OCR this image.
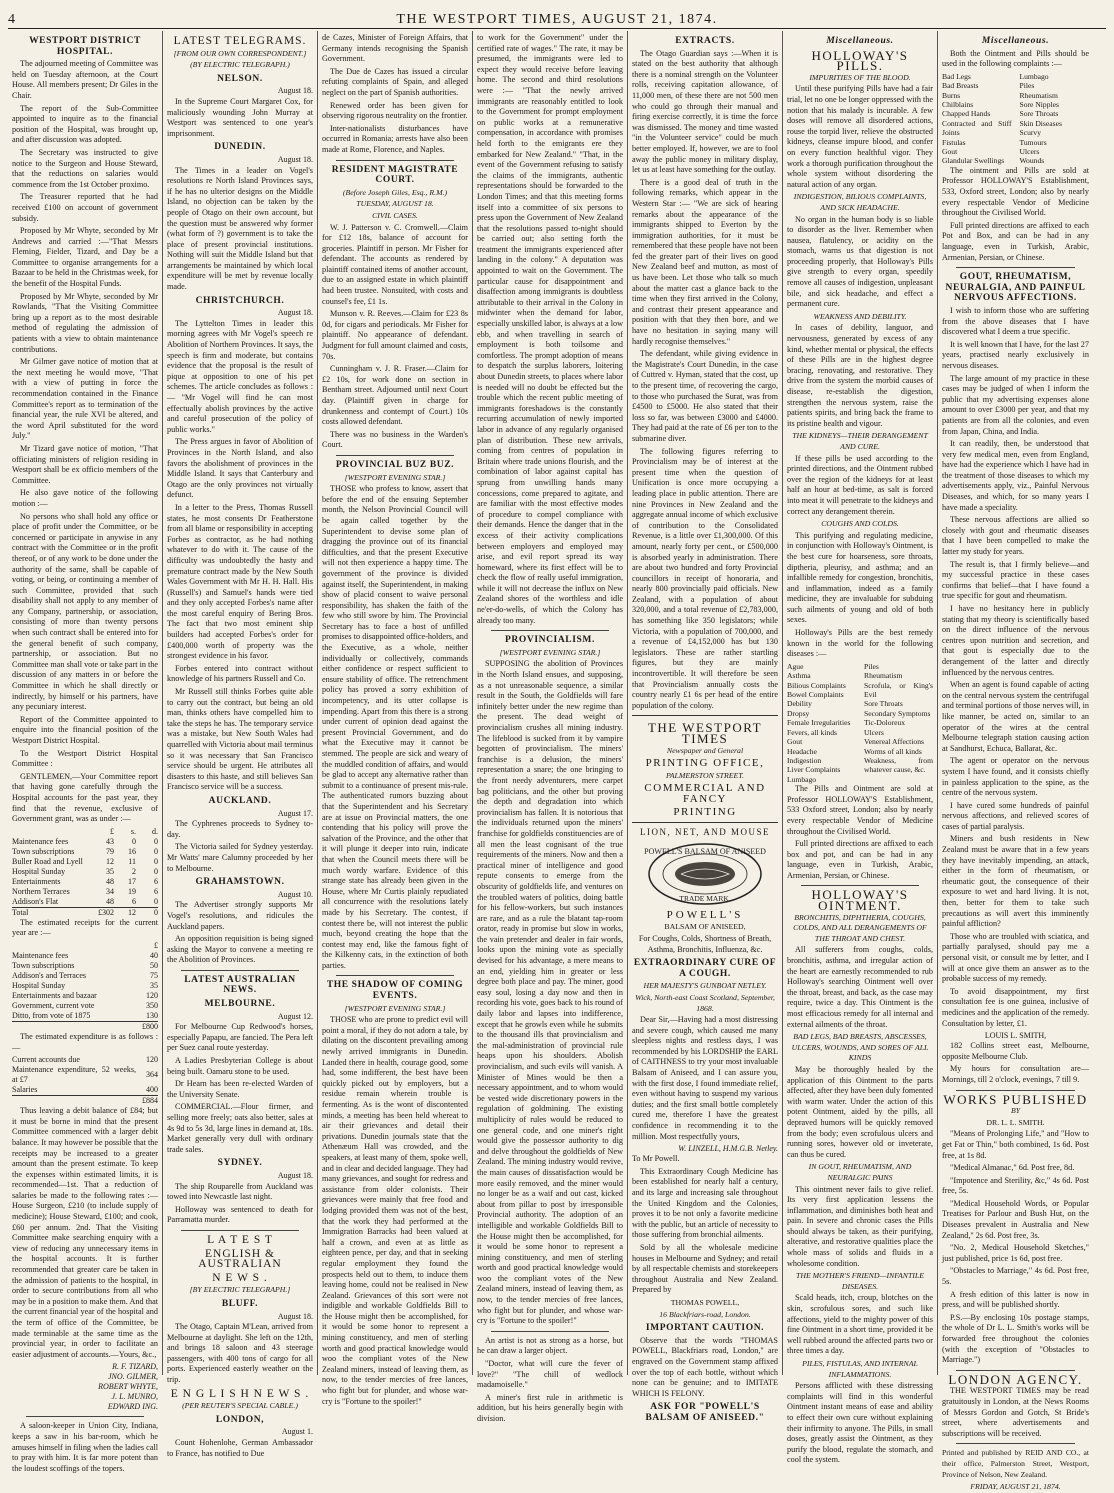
4	THE WESTPORT TIMES, AUGUST 21, 1874.
WESTPORT DISTRICT HOSPITAL.

The adjourned meeting of Committee was held on Tuesday afternoon, at the Court House. All members present; Dr Giles in the Chair.

The report of the Sub-Committee appointed to inquire as to the financial position of the Hospital, was brought up, and after discussion was adopted.

The Secretary was instructed to give notice to the Surgeon and House Steward, that the reductions on salaries would commence from the 1st October proximo.

The Treasurer reported that he had received £100 on account of government subsidy.

Proposed by Mr Whyte, seconded by Mr Andrews and carried :—"That Messrs Fleming, Fielder, Tizard, and Day be a Committee to organise arrangements for a Bazaar to be held in the Christmas week, for the benefit of the Hospital Funds.

Proposed by Mr Whyte, seconded by Mr Rowlands, "That the Visiting Committee bring up a report as to the most desirable method of regulating the admission of patients with a view to obtain maintenance contributions.

Mr Gilmer gave notice of motion that at the next meeting he would move, "That with a view of putting in force the recommendation contained in the Finance Committee's report as to termination of the financial year, the rule XVI be altered, and the word April substituted for the word July."

Mr Tizard gave notice of motion, "That officiating ministers of religion residing in Westport shall be ex officio members of the Committee.

He also gave notice of the following motion :—

No persons who shall hold any office or place of profit under the Committee, or be concerned or participate in anywise in any contract with the Committee or in the profit thereof, or of any work to be done under the authority of the same, shall be capable of voting, or being, or continuing a member of such Committee, provided that such disability shall not apply to any member of any Company, partnership, or association, consisting of more than twenty persons when such contract shall be entered into for the general benefit of such company, partnership, or association. But no Committee man shall vote or take part in the discussion of any matters in or before the Committee in which he shall directly or indirectly, by himself or his partners, have any pecuniary interest.

Report of the Committee appointed to enquire into the financial position of the Westport District Hospital.

To the Westport District Hospital Committee :

GENTLEMEN,—Your Committee report that having gone carefully through the Hospital accounts for the past year, they find that the revenue, exclusive of Government grant, was as under :—

	£	s.	d.
Maintenance fees	43	0	0
Town subscriptions	79	16	0
Buller Road and Lyell	12	11	0
Hospital Sunday	35	2	0
Entertainments	48	17	6
Northern Terraces	34	19	6
Addison's Flat	48	6	0
Total	£302	12	0

The estimated receipts for the current year are :—

	£
Maintenance fees	40
Town subscriptions	50
Addison's and Terraces	75
Hospital Sunday	35
Entertainments and bazaar	120
Government, current vote	350
Ditto, from vote of 1875	130
	£800

The estimated expenditure is as follows :—

Current accounts due	120
Maintenance expenditure, 52 weeks, at £7	364
Salaries	400
	£884

Thus leaving a debit balance of £84; but it must be borne in mind that the present Committee commenced with a larger debit balance. It may however be possible that the receipts may be increased to a greater amount than the present estimate. To keep the expenses within estimated limits, it is recommended—1st. That a reduction of salaries be made to the following rates :—House Surgeon, £210 (to include supply of medicine); House Steward, £100; and cook, £60 per annum. 2nd. That the Visiting Committee make searching enquiry with a view of reducing any unnecessary items in the hospital accounts. It is further recommended that greater care be taken in the admission of patients to the hospital, in order to secure contributions from all who may be in a position to make them. And that the current financial year of the hospital and the term of office of the Committee, be made terminable at the same time as the provincial year, in order to facilitate an easier adjustment of accounts.—Yours, &c.,

R. F. TIZARD,
JNO. GILMER,
ROBERT WHYTE,
J. L. MUNRO,
EDWARD ING.

A saloon-keeper in Union City, Indiana, keeps a saw in his bar-room, which he amuses himself in filing when the ladies call to pray with him. It is far more potent than the loudest scoffings of the topers.

LATEST TELEGRAMS.
[FROM OUR OWN CORRESPONDENT.]
(BY ELECTRIC TELEGRAPH.)
NELSON.
August 18.

In the Supreme Court Margaret Cox, for maliciously wounding John Murray at Westport was sentenced to one year's imprisonment.

DUNEDIN.
August 18.

The Times in a leader on Vogel's resolutions re North Island Provinces says, if he has no ulterior designs on the Middle Island, no objection can be taken by the people of Otago on their own account, but the question must be answered why former (what form of ?) government is to take the place of present provincial institutions. Nothing will suit the Middle Island but that arrangements be maintained by which local expenditure will be met by revenue locally made.

CHRISTCHURCH.
August 18.

The Lyttelton Times in leader this morning agrees with Mr Vogel's speech re Abolition of Northern Provinces. It says, the speech is firm and moderate, but contains evidence that the proposal is the result of pique at opposition to one of his pet schemes. The article concludes as follows :— "Mr Vogel will find he can most effectually abolish provinces by the active and careful prosecution of the policy of public works."

The Press argues in favor of Abolition of Provinces in the North Island, and also favors the abolishment of provinces in the Middle Island. It says that Canterbury and Otago are the only provinces not virtually defunct.

In a letter to the Press, Thomas Russell states, he most consents Dr Featherstone from all blame or responsibility in accepting Forbes as contractor, as he had nothing whatever to do with it. The cause of the difficulty was undoubtedly the hasty and premature contract made by the New South Wales Government with Mr H. H. Hall. His (Russell's) and Samuel's hands were tied and they only accepted Forbes's name after the most careful enquiry of Bering Bros. The fact that two most eminent ship builders had accepted Forbes's order for £400,000 worth of property was the strongest evidence in his favor.

Forbes entered into contract without knowledge of his partners Russell and Co.

Mr Russell still thinks Forbes quite able to carry out the contract, but being an old man, thinks others have compelled him to take the steps he has. The temporary service was a mistake, but New South Wales had quarrelled with Victoria about mail terminus so it was necessary that San Francisco service should be urgent. He attributes all disasters to this haste, and still believes San Francisco service will be a success.

AUCKLAND.
August 17.

The Cyphrenes proceeds to Sydney to-day.

The Victoria sailed for Sydney yesterday. Mr Watts' mare Calumny proceeded by her to Melbourne.

GRAHAMSTOWN.
August 10.

The Advertiser strongly supports Mr Vogel's resolutions, and ridicules the Auckland papers.

An opposition requisition is being signed asking the Mayor to convene a meeting re the Abolition of Provinces.

LATEST AUSTRALIAN NEWS.
MELBOURNE.
August 12.

For Melbourne Cup Redwood's horses, especially Papapu, are fancied. The Pera left per Suez canal route yesterday.

A Ladies Presbyterian College is about being built. Oamaru stone to be used.

Dr Hearn has been re-elected Warden of the University Senate.

COMMERCIAL.—Flour firmer, and selling more freely; oats also better, sales at 4s 9d to 5s 3d, large lines in demand at, 18s. Market generally very dull with ordinary trade sales.

SYDNEY.
August 18.

The ship Rouparelle from Auckland was towed into Newcastle last night.

Holloway was sentenced to death for Parramatta murder.

L A T E S T
ENGLISH & AUSTRALIAN
N E W S .
[BY ELECTRIC TELEGRAPH.]
BLUFF.
August 18.

The Otago, Captain M'Lean, arrived from Melbourne at daylight. She left on the 12th, and brings 18 saloon and 43 steerage passengers, with 400 tons of cargo for all ports. Experienced easterly weather on the trip.

E N G L I S H N E W S .
(PER REUTER'S SPECIAL CABLE.)
LONDON,
August 1.

Count Hohenlohe, German Ambassador to France, has notified to Due

de Cazes, Minister of Foreign Affairs, that Germany intends recognising the Spanish Government.

The Due de Cazes has issued a circular refuting complaints of Spain, and alleged neglect on the part of Spanish authorities.

Renewed order has been given for observing rigorous neutrality on the frontier.

Inter-nationalists disturbances have occurred in Romania; arrests have also been made at Rome, Florence, and Naples.

RESIDENT MAGISTRATE COURT.
(Before Joseph Giles, Esq., R.M.)
TUESDAY, AUGUST 18.
CIVIL CASES.

W. J. Patterson v. C. Cromwell.—Claim for £12 18s, balance of account for groceries. Plaintiff in person. Mr Fisher for defendant. The accounts as rendered by plaintiff contained items of another account, due to an assigned estate in which plaintiff had been trustee. Nonsuited, with costs and counsel's fee, £1 1s.

Munson v. R. Reeves.—Claim for £23 8s 0d, for cigars and periodicals. Mr Fisher for plaintiff. No appearance of defendant. Judgment for full amount claimed and costs, 70s.

Cunningham v. J. R. Fraser.—Claim for £2 10s, for work done on section in Bentham street. Adjourned until next Court day. (Plaintiff given in charge for drunkenness and contempt of Court.) 10s costs allowed defendant.

There was no business in the Warden's Court.

PROVINCIAL BUZ BUZ.
[WESTPORT EVENING STAR.]

THOSE who profess to know, assert that before the end of the ensuing September month, the Nelson Provincial Council will be again called together by the Superintendent to devise some plan of dragging the province out of its financial difficulties, and that the present Executive will not then experience a happy time. The government of the province is divided against itself, the Superintendent, in making show of placid consent to waive personal responsibility, has shaken the faith of the few who still swore by him. The Provincial Secretary has to face a host of unfilled promises to disappointed office-holders, and the Executive, as a whole, neither individually or collectively, commands either confidence or respect sufficient to ensure stability of office. The retrenchment policy has proved a sorry exhibition of incompetency, and its utter collapse is impending. Apart from this there is a strong under current of opinion dead against the present Provincial Government, and do what the Executive may it cannot be stemmed. The people are sick and weary of the muddled condition of affairs, and would be glad to accept any alternative rather than submit to a continuance of present mis-rule. The authenticated rumors buzzing about that the Superintendent and his Secretary are at issue on Provincial matters, the one contending that his policy will prove the salvation of the Province, and the other that it will plunge it deeper into ruin, indicate that when the Council meets there will be much wordy warfare. Evidence of this strange state has already been given in the House, where Mr Curtis plainly repudiated all concurrence with the resolutions lately made by his Secretary. The contest, if contest there be, will not interest the public much, beyond creating the hope that the contest may end, like the famous fight of the Kilkenny cats, in the extinction of both parties.

THE SHADOW OF COMING EVENTS.
[WESTPORT EVENING STAR.]

THOSE who are prone to predict evil will point a moral, if they do not adorn a tale, by dilating on the discontent prevailing among newly arrived immigrants in Dunedin. Landed there in health, courage good, some had, some indifferent, the best have been quickly picked out by employers, but a residue remain wherein trouble is fermenting. As is the wont of discontented minds, a meeting has been held whereat to air their grievances and detail their privations. Dunedin journals state that the Athenæum Hall was crowded, and the speakers, at least many of them, spoke well, and in clear and decided language. They had many grievances, and sought for redress and assistance from older colonists. Their grievances were mainly that free food and lodging provided them was not of the best, that the work they had performed at the Immigration Barracks had been valued at half a crown, and even at as little as eighteen pence, per day, and that in seeking regular employment they found the prospects held out to them, to induce them leaving home, could not be realised in New Zealand. Grievances of this sort were not indigible and workable Goldfields Bill to the House might then be accomplished, for it would be some honor to represent a mining constituency, and men of sterling worth and good practical knowledge would woo the compliant votes of the New Zealand miners, instead of leaving them, as now, to the tender mercies of free lances, who fight but for plunder, and whose war-cry is "Fortune to the spoiler!"

to work for the Government" under the certified rate of wages." The rate, it may be presumed, the immigrants were led to expect they would receive before leaving home. The second and third resolutions were :— "That the newly arrived immigrants are reasonably entitled to look to the Government for prompt employment on public works at a remunerative compensation, in accordance with promises held forth to the emigrants ere they embarked for New Zealand." "That, in the event of the Government refusing to satisfy the claims of the immigrants, authentic representations should be forwarded to the London Times; and that this meeting forms itself into a committee of six persons to press upon the Government of New Zealand that the resolutions passed to-night should be carried out; also setting forth the treatment the immigrants experienced after landing in the colony." A deputation was appointed to wait on the Government. The particular cause for disappointment and disaffection among immigrants is doubtless attributable to their arrival in the Colony in midwinter when the demand for labor, especially unskilled labor, is always at a low ebb, and when travelling in search of employment is both toilsome and comfortless. The prompt adoption of means to despatch the surplus laborers, loitering about Dunedin streets, to places where labor is needed will no doubt be effected but the trouble which the recent public meeting of immigrants foreshadows is the constantly recurring accumulation of newly imported labor in advance of any regularly organised plan of distribution. These new arrivals, coming from centres of population in Britain where trade unions flourish, and the combination of labor against capital has sprung from unwilling hands many concessions, come prepared to agitate, and are familiar with the most effective modes of procedure to compel compliance with their demands. Hence the danger that in the excess of their activity complications between employers and employed may arise, and evil report spread its way homeward, where its first effect will be to check the flow of really useful immigration, while it will not decrease the influx on New Zealand shores of the worthless and idle ne'er-do-wells, of which the Colony has already too many.

PROVINCIALISM.
[WESTPORT EVENING STAR.]

SUPPOSING the abolition of Provinces in the North Island ensues, and supposing, as a not unreasonable sequence, a similar result in the South, the Goldfields will fare infinitely better under the new regime than the present. The dead weight of provincialism crushes all mining industry. The lifeblood is sucked from it by vampire begotten of provincialism. The miners' franchise is a delusion, the miners' representation a snare; the one bringing to the front needy adventurers, mere carpet bag politicians, and the other but proving the depth and degradation into which provincialism has fallen. It is notorious that the individuals returned upon the miners' franchise for goldfields constituencies are of all men the least cognisant of the true requirements of the miners. Now and then a practical miner of intelligence and good repute consents to emerge from the obscurity of goldfields life, and ventures on the troubled waters of politics, doing battle for his fellow-workers, but such instances are rare, and as a rule the blatant tap-room orator, ready in promise but slow in works, the vain pretender and dealer in fair words, looks upon the mining vote as specially devised for his advantage, a mere means to an end, yielding him in greater or less degree both place and pay. The miner, good easy soul, losing a day now and then in recording his vote, goes back to his round of daily labor and lapses into indifference, except that he growls even while he submits to the thousand ills that provincialism and the mal-administration of provincial rule heaps upon his shoulders. Abolish provincialism, and such evils will vanish. A Minister of Mines would be then a necessary appointment, and to whom would be vested wide discretionary powers in the regulation of goldmining. The existing multiplicity of rules would be reduced to one general code, and one miner's right would give the possessor authority to dig and delve throughout the goldfields of New Zealand. The mining industry would revive, the main causes of dissatisfaction would be more easily removed, and the miner would no longer be as a waif and out cast, kicked about from pillar to post by irresponsible Provincial authority. The adoption of an intelligible and workable Goldfields Bill to the House might then be accomplished, for it would be some honor to represent a mining constituency, and men of sterling worth and good practical knowledge would woo the compliant votes of the New Zealand miners, instead of leaving them, as now, to the tender mercies of free lances, who fight but for plunder, and whose war-cry is "Fortune to the spoiler!"

An artist is not as strong as a horse, but he can draw a larger object.

"Doctor, what will cure the fever of love?" "The chill of wedlock madamoiselle."

A miner's first rule in arithmetic is addition, but his heirs generally begin with division.

EXTRACTS.

The Otago Guardian says :—When it is stated on the best authority that although there is a nominal strength on the Volunteer rolls, receiving capitation allowance, of 11,000 men, of these there are not 500 men who could go through their manual and firing exercise correctly, it is time the force was dismissed. The money and time wasted "in the Volunteer service" could be much better employed. If, however, we are to fool away the public money in military display, let us at least have something for the outlay.

There is a good deal of truth in the following remarks, which appear in the Western Star :— "We are sick of hearing remarks about the appearance of the immigrants shipped to Everton by the immigration authorities, for it must be remembered that these people have not been fed the greater part of their lives on good New Zealand beef and mutton, as most of us have been. Let those who talk so much about the matter cast a glance back to the time when they first arrived in the Colony, and contrast their present appearance and position with that they then bore, and we have no hesitation in saying many will hardly recognise themselves."

The defendant, while giving evidence in the Magistrate's Court Dunedin, in the case of Cuttred v. Hyman, stated that the cost, up to the present time, of recovering the cargo, to those who purchased the Surat, was from £4500 to £5000. He also stated that their loss so far, was between £3000 and £4000. They had paid at the rate of £6 per ton to the submarine diver.

The following figures referring to Provincialism may be of interest at the present time when the question of Unification is once more occupying a leading place in public attention. There are nine Provinces in New Zealand and the aggregate annual income of which exclusive of contribution to the Consolidated Revenue, is a little over £1,300,000. Of this amount, nearly forty per cent., or £500,000 is absorbed yearly in administration. There are about two hundred and forty Provincial councillors in receipt of honoraria, and nearly 800 provincially paid officials. New Zealand, with a population of about 320,000, and a total revenue of £2,783,000, has something like 350 legislators; while Victoria, with a population of 700,000, and a revenue of £4,152,000 has but 130 legislators. These are rather startling figures, but they are mainly incontrovertible. It will therefore be seen that Provincialism annually costs the country nearly £1 6s per head of the entire population of the colony.

THE WESTPORT TIMES
Newspaper and General
PRINTING OFFICE,
PALMERSTON STREET.
COMMERCIAL AND FANCY
PRINTING
LION, NET, AND MOUSE
POWELL'S BALSAM OF ANISEED
TRADE MARK.
POWELL'S
BALSAM OF ANISEED,

For Coughs, Colds, Shortness of Breath, Asthma, Bronchitis, Influenza, &c.

EXTRAORDINARY CURE OF A COUGH.
HER MAJESTY'S GUNBOAT NETLEY.
Wick, North-east Coast Scotland, September, 1868.

Dear Sir,—Having had a most distressing and severe cough, which caused me many sleepless nights and restless days, I was recommended by his LORDSHIP the EARL of CAITHNESS to try your most invaluable Balsam of Aniseed, and I can assure you, with the first dose, I found immediate relief, even without having to suspend my various duties; and the first small bottle completely cured me, therefore I have the greatest confidence in recommending it to the million. Most respectfully yours,

W. LINZELL, H.M.G.B. Netley.

To Mr Powell.

This Extraordinary Cough Medicine has been established for nearly half a century, and its large and increasing sale throughout the United Kingdom and the Colonies, proves it to be not only a favorite medicine with the public, but an article of necessity to those suffering from bronchial ailments.

Sold by all the wholesale medicine houses in Melbourne and Sydney; and retail by all respectable chemists and storekeepers throughout Australia and New Zealand. Prepared by

THOMAS POWELL,
16 Blackfriars-road, London.
IMPORTANT CAUTION.

Observe that the words "THOMAS POWELL, Blackfriars road, London," are engraved on the Government stamp affixed over the top of each bottle, without which none can be genuine; and to IMITATE WHICH IS FELONY.

ASK FOR "POWELL'S BALSAM OF ANISEED."
Miscellaneous.
HOLLOWAY'S PILLS.
IMPURITIES OF THE BLOOD.

Until these purifying Pills have had a fair trial, let no one be longer oppressed with the notion that his malady is incurable. A few doses will remove all disordered actions, rouse the torpid liver, relieve the obstructed kidneys, cleanse impure blood, and confer on every function healthful vigor. They work a thorough purification throughout the whole system without disordering the natural action of any organ.

INDIGESTION, BILIOUS COMPLAINTS, AND SICK HEADACHE.

No organ in the human body is so liable to disorder as the liver. Remember when nausea, flatulency, or acidity on the stomach, warns us that digestion is not proceeding properly, that Holloway's Pills give strength to every organ, speedily remove all causes of indigestion, unpleasant bile, and sick headache, and effect a permanent cure.

WEAKNESS AND DEBILITY.

In cases of debility, languor, and nervousness, generated by excess of any kind, whether mental or physical, the effects of these Pills are in the highest degree bracing, renovating, and restorative. They drive from the system the morbid causes of disease, re-establish the digestion, strengthen the nervous system, raise the patients spirits, and bring back the frame to its pristine health and vigour.

THE KIDNEYS—THEIR DERANGEMENT AND CURE.

If these pills be used according to the printed directions, and the Ointment rubbed over the region of the kidneys for at least half an hour at bed-time, as salt is forced into meat it will penetrate to the kidneys and correct any derangement therein.

COUGHS AND COLDS.

This purifying and regulating medicine, in conjunction with Holloway's Ointment, is the best cure for hoarseness, sore throats, diptheria, pleurisy, and asthma; and an infallible remedy for congestion, bronchitis, and inflammation, indeed as a family medicine, they are invaluable for subduing such ailments of young and old of both sexes.

Holloway's Pills are the best remedy known in the world for the following diseases :—

Ague
Asthma
Bilious Complaints
Bowel Complaints
Debility
Dropsy
Female Irregularities
Fevers, all kinds
Gout
Headache
Indigestion
Liver Complaints
Lumbago
Piles
Rheumatism
Scrofula, or King's Evil
Sore Throats
Secondary Symptoms
Tic-Doloreux
Ulcers
Venereal Affections
Worms of all kinds
Weakness, from whatever cause, &c.

The Pills and Ointment are sold at Professor HOLLOWAY'S Establishment, 533 Oxford street, London; also by nearly every respectable Vendor of Medicine throughout the Civilised World.

Full printed directions are affixed to each box and pot, and can be had in any language, even in Turkish, Arabic, Armenian, Persian, or Chinese.

HOLLOWAY'S OINTMENT.
BRONCHITIS, DIPHTHERIA, COUGHS, COLDS, AND ALL DERANGEMENTS OF THE THROAT AND CHEST.

All sufferers from coughs, colds, bronchitis, asthma, and irregular action of the heart are earnestly recommended to rub Holloway's searching Ointment well over the throat, breast, and back, as the case may require, twice a day. This Ointment is the most efficacious remedy for all internal and external ailments of the throat.

BAD LEGS, BAD BREASTS, ABSCESSES, ULCERS, WOUNDS, AND SORES OF ALL KINDS

May be thoroughly healed by the application of this Ointment to the parts affected, after they have been duly fomented with warm water. Under the action of this potent Ointment, aided by the pills, all depraved humors will be quickly removed from the body; even scrofulous ulcers and running sores, however old or inveterate, can thus be cured.

IN GOUT, RHEUMATISM, AND NEURALGIC PAINS

This ointment never fails to give relief. Its very first application lessens the inflammation, and diminishes both heat and pain. In severe and chronic cases the Pills should always be taken, as their purifying, alterative, and restorative qualities place the whole mass of solids and fluids in a wholesome condition.

THE MOTHER'S FRIEND—INFANTILE DISEASES.

Scald heads, itch, croup, blotches on the skin, scrofulous sores, and such like affections, yield to the mighty power of this fine Ointment in a short time, provided it be well rubbed around the affected parts two or three times a day.

PILES, FISTULAS, AND INTERNAL INFLAMMATIONS.

Persons afflicted with these distressing complaints will find in this wonderful Ointment instant means of ease and ability to effect their own cure without explaining their infirmity to anyone. The Pills, in small doses, greatly assist the Ointment, as they purify the blood, regulate the stomach, and cool the system.

Miscellaneous.

Both the Ointment and Pills should be used in the following complaints :—

Bad Legs
Bad Breasts
Burns
Chilblains
Chapped Hands
Contracted and Stiff Joints
Fistulas
Gout
Glandular Swellings
Lumbago
Piles
Rheumatism
Sore Nipples
Sore Throats
Skin Diseases
Scurvy
Tumours
Ulcers
Wounds

The ointment and Pills are sold at Professor HOLLOWAY'S Establishment, 533, Oxford street, London; also by nearly every respectable Vendor of Medicine throughout the Civilised World.

Full printed directions are affixed to each Pot and Box, and can be had in any language, even in Turkish, Arabic, Armenian, Persian, or Chinese.

GOUT, RHEUMATISM, NEURALGIA, AND PAINFUL NERVOUS AFFECTIONS.

I wish to inform those who are suffering from the above diseases that I have discovered what I deem a true specific.

It is well known that I have, for the last 27 years, practised nearly exclusively in nervous diseases.

The large amount of my practice in these cases may be judged of when I inform the public that my advertising expenses alone amount to over £3000 per year, and that my patients are from all the colonies, and even from Japan, China, and India.

It can readily, then, be understood that very few medical men, even from England, have had the experience which I have had in the treatment of those diseases to which my advertisements apply, viz., Painful Nervous Diseases, and which, for so many years I have made a speciality.

These nervous affections are allied so closely with gout and rheumatic diseases that I have been compelled to make the latter my study for years.

The result is, that I firmly believe—and my successful practice in these cases confirms that belief—that I have found a true specific for gout and rheumatism.

I have no hesitancy here in publicly stating that my theory is scientifically based on the direct influence of the nervous centres upon nutrition and secretion, and that gout is especially due to the derangement of the latter and directly influenced by the nervous centres.

When an agent is found capable of acting on the central nervous system the centrifugal and terminal portions of those nerves will, in like manner, be acted on, similar to an operator of the wires at the central Melbourne telegraph station causing action at Sandhurst, Echuca, Ballarat, &c.

The agent or operator on the nervous system I have found, and it consists chiefly in painless application to the spine, as the centre of the nervous system.

I have cured some hundreds of painful nervous affections, and relieved scores of cases of partial paralysis.

Miners and bush residents in New Zealand must be aware that in a few years they have inevitably impending, an attack, either in the form of rheumatism, or rheumatic gout, the consequence of their exposure to wet and hard living. It is not, then, better for them to take such precautions as will avert this imminently painful affliction?

Those who are troubled with sciatica, and partially paralysed, should pay me a personal visit, or consult me by letter, and I will at once give them an answer as to the probable success of my remedy.

To avoid disappointment, my first consultation fee is one guinea, inclusive of medicines and the application of the remedy. Consultation by letter, £1.

LOUIS L. SMITH,

182 Collins street east, Melbourne, opposite Melbourne Club.

My hours for consultation are—Mornings, till 2 o'clock, evenings, 7 till 9.

WORKS PUBLISHED
BY
DR. L. L. SMITH.

"Means of Prolonging Life," and "How to get Fat or Thin," both combined, 1s 6d. Post free, at 1s 8d.

"Medical Almanac," 6d. Post free, 8d.

"Impotence and Sterility, &c," 4s 6d. Post free, 5s.

"Medical Household Words, or Popular Treatises for Parlour and Bush Hut, on the Diseases prevalent in Australia and New Zealand," 2s 6d. Post free, 3s.

"No. 2, Medical Household Sketches," just published, price 1s 6d, post free.

"Obstacles to Marriage," 4s 6d. Post free, 5s.

A fresh edition of this latter is now in press, and will be published shortly.

P.S.—By enclosing 10s postage stamps, the whole of Dr L. L. Smith's works will be forwarded free throughout the colonies (with the exception of "Obstacles to Marriage.")

LONDON AGENCY.

THE WESTPORT TIMES may be read gratuitously in London, at the News Rooms of Messrs Gordon and Gotch, St Bride's street, where advertisements and subscriptions will be received.

Printed and published by REID AND CO., at their office, Palmerston Street, Westport, Province of Nelson, New Zealand.

FRIDAY, AUGUST 21, 1874.
